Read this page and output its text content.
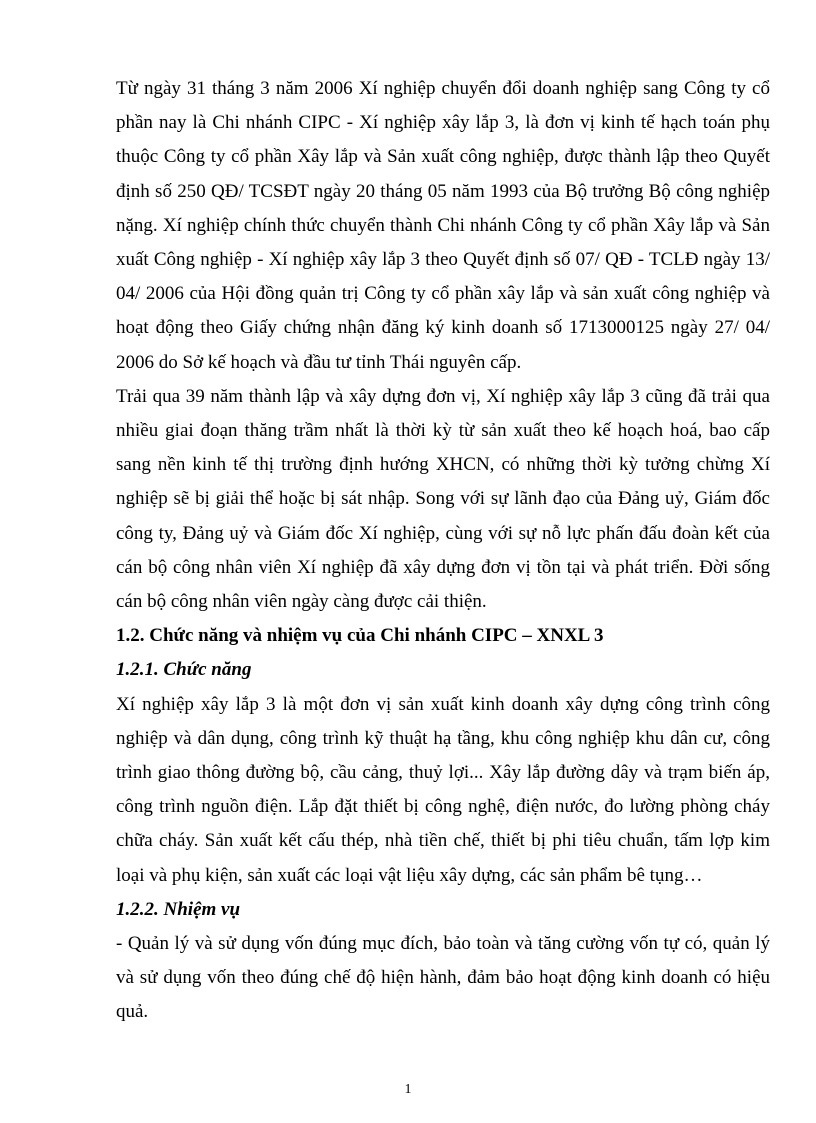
Từ ngày 31 tháng 3 năm 2006 Xí nghiệp chuyển đổi doanh nghiệp sang Công ty cổ phần nay là Chi nhánh CIPC - Xí nghiệp xây lắp 3, là đơn vị kinh tế hạch toán phụ thuộc Công ty cổ phần Xây lắp và Sản xuất công nghiệp, được thành lập theo Quyết định số 250 QĐ/ TCSĐT ngày 20 tháng 05 năm 1993 của Bộ trưởng Bộ công nghiệp nặng. Xí nghiệp chính thức chuyển thành Chi nhánh Công ty cổ phần Xây lắp và Sản xuất Công nghiệp - Xí nghiệp xây lắp 3 theo Quyết định số 07/ QĐ - TCLĐ ngày 13/ 04/ 2006 của Hội đồng quản trị Công ty cổ phần xây lắp và sản xuất công nghiệp và hoạt động theo Giấy chứng nhận đăng ký kinh doanh số 1713000125 ngày 27/ 04/ 2006 do Sở kế hoạch và đầu tư tỉnh Thái nguyên cấp.

Trải qua 39 năm thành lập và xây dựng đơn vị, Xí nghiệp xây lắp 3 cũng đã trải qua nhiều giai đoạn thăng trầm nhất là thời kỳ từ sản xuất theo kế hoạch hoá, bao cấp sang nền kinh tế thị trường định hướng XHCN, có những thời kỳ tưởng chừng Xí nghiệp sẽ bị giải thể hoặc bị sát nhập. Song với sự lãnh đạo của Đảng uỷ, Giám đốc công ty, Đảng uỷ và Giám đốc Xí nghiệp, cùng với sự nỗ lực phấn đấu đoàn kết của cán bộ công nhân viên Xí nghiệp đã xây dựng đơn vị tồn tại và phát triển. Đời sống cán bộ công nhân viên ngày càng được cải thiện.

1.2. Chức năng và nhiệm vụ của Chi nhánh CIPC – XNXL 3

1.2.1. Chức năng

Xí nghiệp xây lắp 3 là một đơn vị sản xuất kinh doanh xây dựng công trình công nghiệp và dân dụng, công trình kỹ thuật hạ tầng, khu công nghiệp khu dân cư, công trình giao thông đường bộ, cầu cảng, thuỷ lợi... Xây lắp đường dây và trạm biến áp, công trình nguồn điện. Lắp đặt thiết bị công nghệ, điện nước, đo lường phòng cháy chữa cháy. Sản xuất kết cấu thép, nhà tiền chế, thiết bị phi tiêu chuẩn, tấm lợp kim loại và phụ kiện, sản xuất các loại vật liệu xây dựng, các sản phẩm bê tụng…

1.2.2. Nhiệm vụ

- Quản lý và sử dụng vốn đúng mục đích, bảo toàn và tăng cường vốn tự có, quản lý và sử dụng vốn theo đúng chế độ hiện hành, đảm bảo hoạt động kinh doanh có hiệu quả.

1
